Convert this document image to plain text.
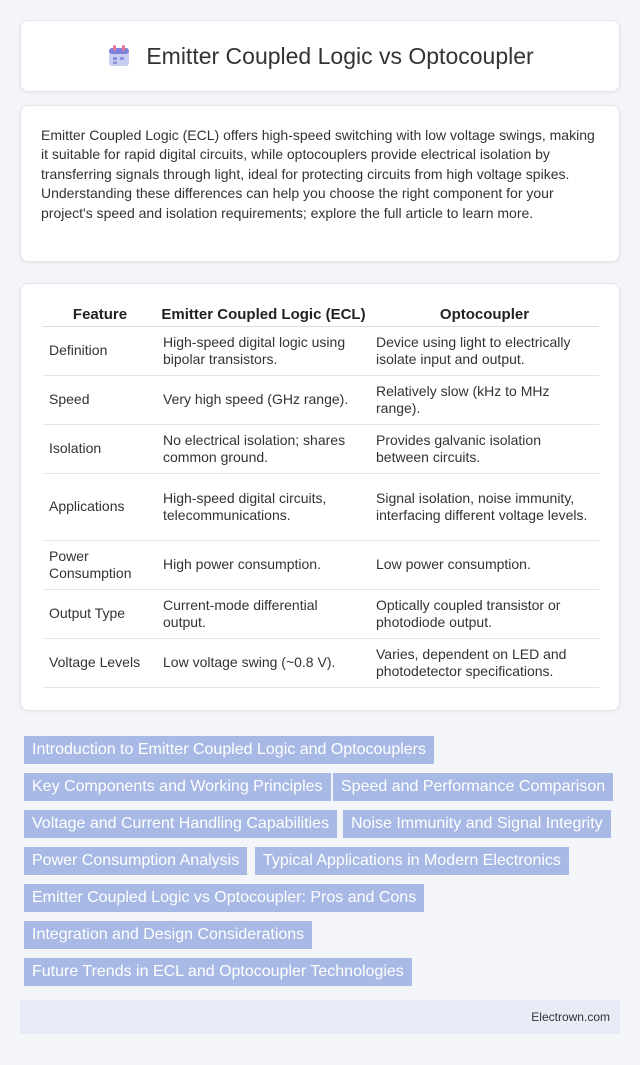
Emitter Coupled Logic vs Optocoupler

Emitter Coupled Logic (ECL) offers high-speed switching with low voltage swings, making it suitable for rapid digital circuits, while optocouplers provide electrical isolation by transferring signals through light, ideal for protecting circuits from high voltage spikes. Understanding these differences can help you choose the right component for your project's speed and isolation requirements; explore the full article to learn more.

Feature	Emitter Coupled Logic (ECL)	Optocoupler
Definition	High-speed digital logic using bipolar transistors.	Device using light to electrically isolate input and output.
Speed	Very high speed (GHz range).	Relatively slow (kHz to MHz range).
Isolation	No electrical isolation; shares common ground.	Provides galvanic isolation between circuits.
Applications	High-speed digital circuits, telecommunications.	Signal isolation, noise immunity, interfacing different voltage levels.
Power Consumption	High power consumption.	Low power consumption.
Output Type	Current-mode differential output.	Optically coupled transistor or photodiode output.
Voltage Levels	Low voltage swing (~0.8 V).	Varies, dependent on LED and photodetector specifications.
Introduction to Emitter Coupled Logic and Optocouplers
Key Components and Working Principles	Speed and Performance Comparison
Voltage and Current Handling Capabilities	Noise Immunity and Signal Integrity
Power Consumption Analysis	Typical Applications in Modern Electronics
Emitter Coupled Logic vs Optocoupler: Pros and Cons
Integration and Design Considerations
Future Trends in ECL and Optocoupler Technologies
Electrown.com
